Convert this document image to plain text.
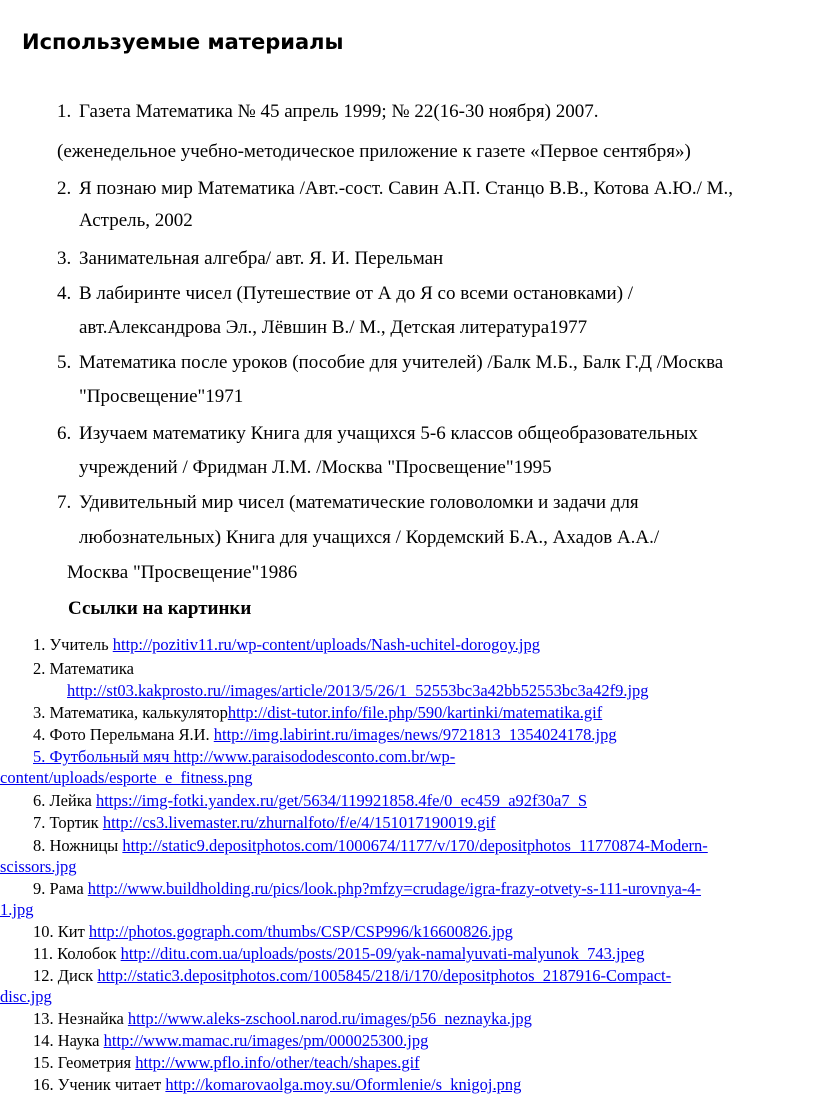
Используемые материалы
1. Газета Математика № 45 апрель 1999; № 22(16-30 ноября) 2007.
(еженедельное учебно-методическое приложение к газете «Первое сентября»)
2. Я познаю мир Математика /Авт.-сост. Савин А.П. Станцо В.В., Котова А.Ю./ М.,
Астрель, 2002
3. Занимательная алгебра/ авт. Я. И. Перельман
4. В лабиринте чисел (Путешествие от А до Я со всеми остановками) /
авт.Александрова Эл., Лёвшин В./ М., Детская литература1977
5. Математика после уроков (пособие для учителей) /Балк М.Б., Балк Г.Д /Москва
"Просвещение"1971
6. Изучаем математику Книга для учащихся 5-6 классов общеобразовательных
учреждений / Фридман Л.М. /Москва "Просвещение"1995
7. Удивительный мир чисел (математические головоломки и задачи для
любознательных) Книга для учащихся / Кордемский Б.А., Ахадов А.А./
Москва "Просвещение"1986
Ссылки на картинки
1. Учитель http://pozitiv11.ru/wp-content/uploads/Nash-uchitel-dorogoy.jpg
2. Математика
http://st03.kakprosto.ru//images/article/2013/5/26/1_52553bc3a42bb52553bc3a42f9.jpg
3. Математика, калькуляторhttp://dist-tutor.info/file.php/590/kartinki/matematika.gif
4. Фото Перельмана Я.И. http://img.labirint.ru/images/news/9721813_1354024178.jpg
5. Футбольный мяч http://www.paraisododesconto.com.br/wp-
content/uploads/esporte_e_fitness.png
6. Лейка https://img-fotki.yandex.ru/get/5634/119921858.4fe/0_ec459_a92f30a7_S
7. Тортик http://cs3.livemaster.ru/zhurnalfoto/f/e/4/151017190019.gif
8. Ножницы http://static9.depositphotos.com/1000674/1177/v/170/depositphotos_11770874-Modern-
scissors.jpg
9. Рама http://www.buildholding.ru/pics/look.php?mfzy=crudage/igra-frazy-otvety-s-111-urovnya-4-
1.jpg
10. Кит http://photos.gograph.com/thumbs/CSP/CSP996/k16600826.jpg
11. Колобок http://ditu.com.ua/uploads/posts/2015-09/yak-namalyuvati-malyunok_743.jpeg
12. Диск http://static3.depositphotos.com/1005845/218/i/170/depositphotos_2187916-Compact-
disc.jpg
13. Незнайка http://www.aleks-zschool.narod.ru/images/p56_neznayka.jpg
14. Наука http://www.mamac.ru/images/pm/000025300.jpg
15. Геометрия http://www.pflo.info/other/teach/shapes.gif
16. Ученик читает http://komarovaolga.moy.su/Oformlenie/s_knigoj.png
